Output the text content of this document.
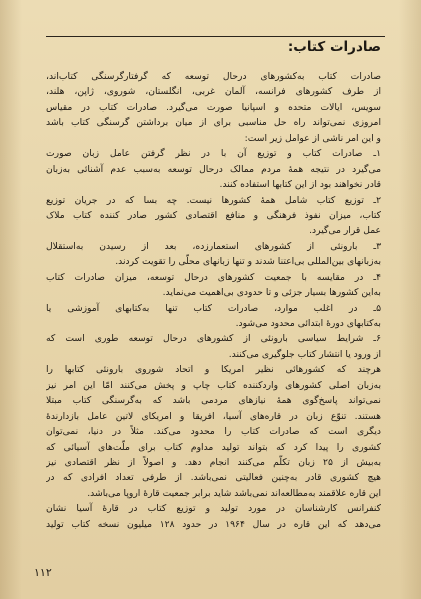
صادرات کتاب:
صادرات کتاب به‌کشورهای درحال توسعه که گرفتارگرسنگی کتاب‌اند،
از طرف کشورهای فرانسه، آلمان غربی، انگلستان، شوروی، ژاپن، هلند،
سویس، ایالات متحده و اسپانیا صورت می‌گیرد. صادرات کتاب در مقیاس
امروزی نمی‌تواند راه حل مناسبی برای از میان برداشتن گرسنگی کتاب باشد
و این امر ناشی از عوامل زیر است:
۱ـ صادرات کتاب و توزیع آن با در نظر گرفتن عامل زبان صورت
می‌گیرد در نتیجه همهٔ مردم ممالک درحال توسعه به‌سبب عدم آشنائی به‌زبان
قادر نخواهند بود از این کتابها استفاده کنند.
۲ـ توزیع کتاب شامل همهٔ کشورها نیست. چه بسا که در جریان توزیع
کتاب، میزان نفوذ فرهنگی و منافع اقتصادی کشور صادر کننده کتاب ملاک
عمل قرار می‌گیرد.
۳ـ بارونئی از کشورهای استعمارزده، بعد از رسیدن به‌استقلال
به‌زبانهای بین‌المللی بی‌اعتنا شدند و تنها زبانهای محلّی را تقویت کردند.
۴ـ در مقایسه با جمعیت کشورهای درحال توسعه، میزان صادرات کتاب
به‌این کشورها بسیار جزئی و تا حدودی بی‌اهمیت می‌نماید.
۵ـ در اغلب موارد، صادرات کتاب تنها به‌کتابهای آموزشی یا
به‌کتابهای دورهٔ ابتدائی محدود می‌شود.
۶ـ شرایط سیاسی بارونئی از کشورهای درحال توسعه طوری است که
از ورود یا انتشار کتاب جلوگیری می‌کنند.
هرچند که کشورهائی نظیر امریکا و اتحاد شوروی بارونئی کتابها را
به‌زبان اصلی کشورهای واردکننده کتاب چاپ و پخش می‌کنند امّا این امر نیز
نمی‌تواند پاسخ‌گوی همهٔ نیازهای مردمی باشد که به‌گرسنگی کتاب مبتلا
هستند. تنوّع زبان در قاره‌های آسیا، افریقا و امریکای لاتین عامل بازدارندهٔ
دیگری است که صادرات کتاب را محدود می‌کند. مثلاً در دنیا، نمی‌توان
کشوری را پیدا کرد که بتواند تولید مداوم کتاب برای ملّت‌های آسیائی که
به‌بیش از ۲۵ زبان تکلّم می‌کنند انجام دهد. و اصولاً از نظر اقتصادی نیز
هیچ کشوری قادر به‌چنین فعالیتی نمی‌باشد. از طرفی تعداد افرادی که در
این قاره علاقمند به‌مطالعه‌اند نمی‌باشد شاید برابر جمعیت قارهٔ اروپا می‌باشد.
کنفرانس کارشناسان در مورد تولید و توزیع کتاب در قارهٔ آسیا نشان
می‌دهد که این قاره در سال ۱۹۶۴ در حدود ۱۲۸ میلیون نسخه کتاب تولید
۱۱۲
